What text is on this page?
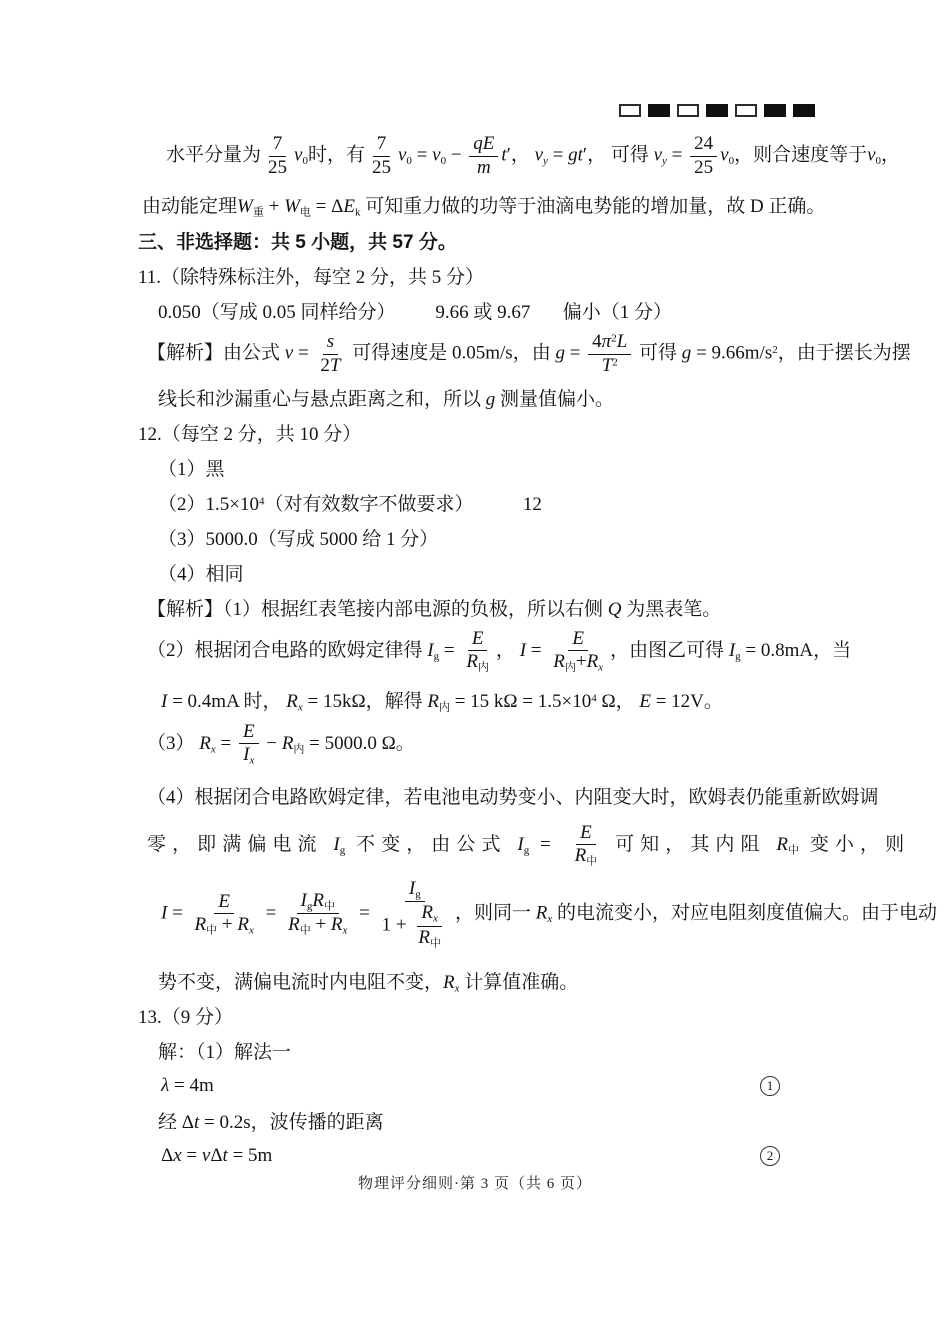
水平分量为 $\frac{7}{25} v0$时，有 $\frac{7}{25} v0 = v0 - \frac{qE}{m} t'$， vy = gt′， 可得 vy = $\frac{24}{25} v0$，则合速度等于v0，
由动能定理W重 + W电 = ΔEk 可知重力做的功等于油滴电势能的增加量，故 D 正确。
三、非选择题：共 5 小题，共 57 分。
11.（除特殊标注外，每空 2 分，共 5 分）
0.050（写成 0.05 同样给分） 9.66 或 9.67 偏小（1 分）
【解析】由公式 $v = \frac{s}{2T}$ 可得速度是 0.05m/s，由 $g = \frac{4\pi^2L}{T^2}$ 可得 $g = 9.66m/s^2$，由于摆长为摆
线长和沙漏重心与悬点距离之和，所以 g 测量值偏小。
12.（每空 2 分，共 10 分）
（1）黑
$(2)1.5\times 10^4$（对有效数字不做要求）	12
（3）5000.0（写成 5000 给 1 分）
（4）相同
【解析】（1）根据红表笔接内部电源的负极，所以右侧 Q 为黑表笔。
（2）根据闭合电路的欧姆定律得 Ig =
E
R内
， I =
E
R内+Rx
，由图乙可得 Ig = 0.8mA，当
I = 0.4mA 时， Rx = 15kΩ，解得 R内 = 15 $k\Omega = 1.5\times 10^4$ Ω， E = 12V。
（3） $Rx = \frac{E}{Ix} - R$内 = 5000.0 Ω。
（4）根据闭合电路欧姆定律，若电池电动势变小、内阻变大时，欧姆表仍能重新欧姆调
零，即满偏电流 Ig 不变，由公式 Ig =
E
R中
可知，其内阻 R中 变小，则
I =
E
R中 + Rx
=
IgR中
R中 + Rx
=
Ig
1 +
Rx
R中
，则同一 Rx 的电流变小，对应电阻刻度值偏大。由于电动
势不变，满偏电流时内电阻不变，Rx 计算值准确。
13.（9 分）
解：（1）解法一
λ = 4m	1
经 Δt = 0.2s，波传播的距离
Δx = vΔt = 5m	2
物理评分细则·第 3 页（共 6 页）
